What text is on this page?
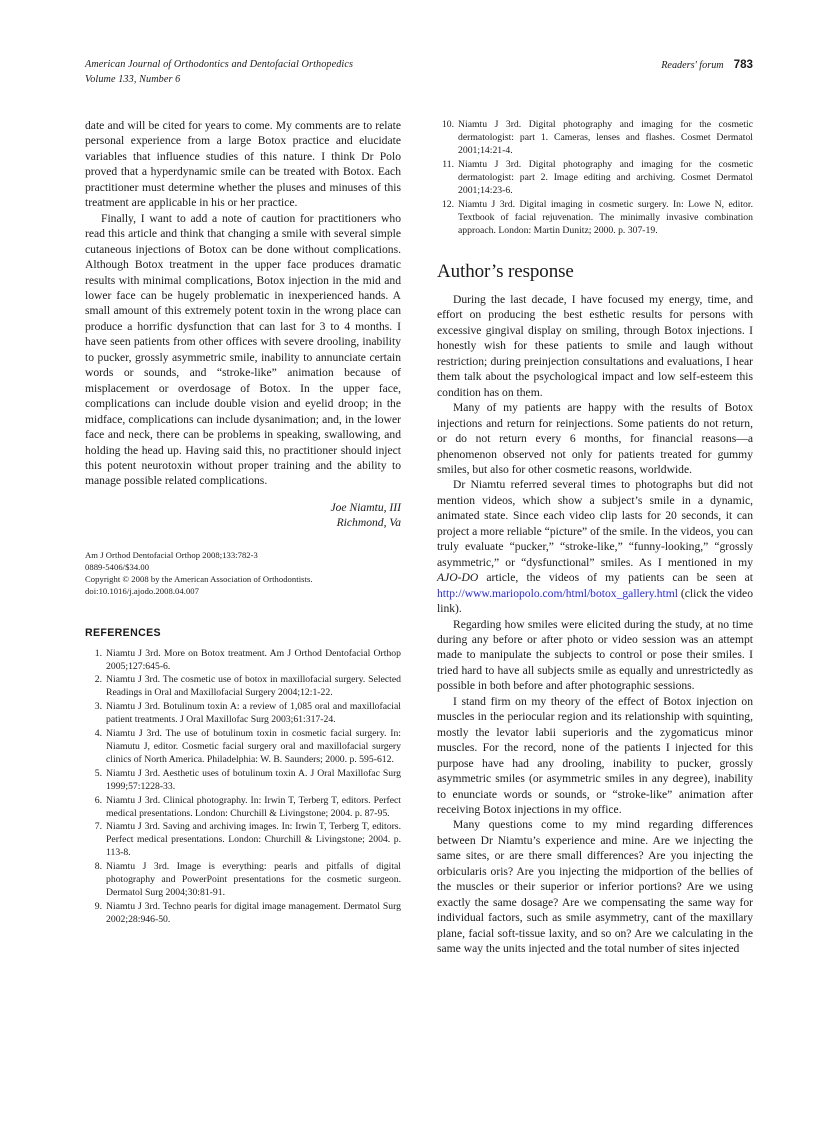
American Journal of Orthodontics and Dentofacial Orthopedics
Volume 133, Number 6
Readers' forum 783

date and will be cited for years to come. My comments are to relate personal experience from a large Botox practice and elucidate variables that influence studies of this nature. I think Dr Polo proved that a hyperdynamic smile can be treated with Botox. Each practitioner must determine whether the pluses and minuses of this treatment are applicable in his or her practice.

Finally, I want to add a note of caution for practitioners who read this article and think that changing a smile with several simple cutaneous injections of Botox can be done without complications. Although Botox treatment in the upper face produces dramatic results with minimal complications, Botox injection in the mid and lower face can be hugely problematic in inexperienced hands. A small amount of this extremely potent toxin in the wrong place can produce a horrific dysfunction that can last for 3 to 4 months. I have seen patients from other offices with severe drooling, inability to pucker, grossly asymmetric smile, inability to annunciate certain words or sounds, and “stroke-like” animation because of misplacement or overdosage of Botox. In the upper face, complications can include double vision and eyelid droop; in the midface, complications can include dysanimation; and, in the lower face and neck, there can be problems in speaking, swallowing, and holding the head up. Having said this, no practitioner should inject this potent neurotoxin without proper training and the ability to manage possible related complications.

Joe Niamtu, III
Richmond, Va
Am J Orthod Dentofacial Orthop 2008;133:782-3
0889-5406/$34.00
Copyright © 2008 by the American Association of Orthodontists.
doi:10.1016/j.ajodo.2008.04.007
REFERENCES
1. Niamtu J 3rd. More on Botox treatment. Am J Orthod Dentofacial Orthop 2005;127:645-6.
2. Niamtu J 3rd. The cosmetic use of botox in maxillofacial surgery. Selected Readings in Oral and Maxillofacial Surgery 2004;12:1-22.
3. Niamtu J 3rd. Botulinum toxin A: a review of 1,085 oral and maxillofacial patient treatments. J Oral Maxillofac Surg 2003;61:317-24.
4. Niamtu J 3rd. The use of botulinum toxin in cosmetic facial surgery. In: Niamutu J, editor. Cosmetic facial surgery oral and maxillofacial surgery clinics of North America. Philadelphia: W. B. Saunders; 2000. p. 595-612.
5. Niamtu J 3rd. Aesthetic uses of botulinum toxin A. J Oral Maxillofac Surg 1999;57:1228-33.
6. Niamtu J 3rd. Clinical photography. In: Irwin T, Terberg T, editors. Perfect medical presentations. London: Churchill & Livingstone; 2004. p. 87-95.
7. Niamtu J 3rd. Saving and archiving images. In: Irwin T, Terberg T, editors. Perfect medical presentations. London: Churchill & Livingstone; 2004. p. 113-8.
8. Niamtu J 3rd. Image is everything: pearls and pitfalls of digital photography and PowerPoint presentations for the cosmetic surgeon. Dermatol Surg 2004;30:81-91.
9. Niamtu J 3rd. Techno pearls for digital image management. Dermatol Surg 2002;28:946-50.
10. Niamtu J 3rd. Digital photography and imaging for the cosmetic dermatologist: part 1. Cameras, lenses and flashes. Cosmet Dermatol 2001;14:21-4.
11. Niamtu J 3rd. Digital photography and imaging for the cosmetic dermatologist: part 2. Image editing and archiving. Cosmet Dermatol 2001;14:23-6.
12. Niamtu J 3rd. Digital imaging in cosmetic surgery. In: Lowe N, editor. Textbook of facial rejuvenation. The minimally invasive combination approach. London: Martin Dunitz; 2000. p. 307-19.
Author’s response

During the last decade, I have focused my energy, time, and effort on producing the best esthetic results for persons with excessive gingival display on smiling, through Botox injections. I honestly wish for these patients to smile and laugh without restriction; during preinjection consultations and evaluations, I hear them talk about the psychological impact and low self-esteem this condition has on them.

Many of my patients are happy with the results of Botox injections and return for reinjections. Some patients do not return, or do not return every 6 months, for financial reasons—a phenomenon observed not only for patients treated for gummy smiles, but also for other cosmetic reasons, worldwide.

Dr Niamtu referred several times to photographs but did not mention videos, which show a subject’s smile in a dynamic, animated state. Since each video clip lasts for 20 seconds, it can project a more reliable “picture” of the smile. In the videos, you can truly evaluate “pucker,” “stroke-like,” “funny-looking,” “grossly asymmetric,” or “dysfunctional” smiles. As I mentioned in my AJO-DO article, the videos of my patients can be seen at http://www.mariopolo.com/html/botox_gallery.html (click the video link).

Regarding how smiles were elicited during the study, at no time during any before or after photo or video session was an attempt made to manipulate the subjects to control or pose their smiles. I tried hard to have all subjects smile as equally and unrestrictedly as possible in both before and after photographic sessions.

I stand firm on my theory of the effect of Botox injection on muscles in the periocular region and its relationship with squinting, mostly the levator labii superioris and the zygomaticus minor muscles. For the record, none of the patients I injected for this purpose have had any drooling, inability to pucker, grossly asymmetric smiles (or asymmetric smiles in any degree), inability to enunciate words or sounds, or “stroke-like” animation after receiving Botox injections in my office.

Many questions come to my mind regarding differences between Dr Niamtu’s experience and mine. Are we injecting the same sites, or are there small differences? Are you injecting the orbicularis oris? Are you injecting the midportion of the bellies of the muscles or their superior or inferior portions? Are we using exactly the same dosage? Are we compensating the same way for individual factors, such as smile asymmetry, cant of the maxillary plane, facial soft-tissue laxity, and so on? Are we calculating in the same way the units injected and the total number of sites injected
